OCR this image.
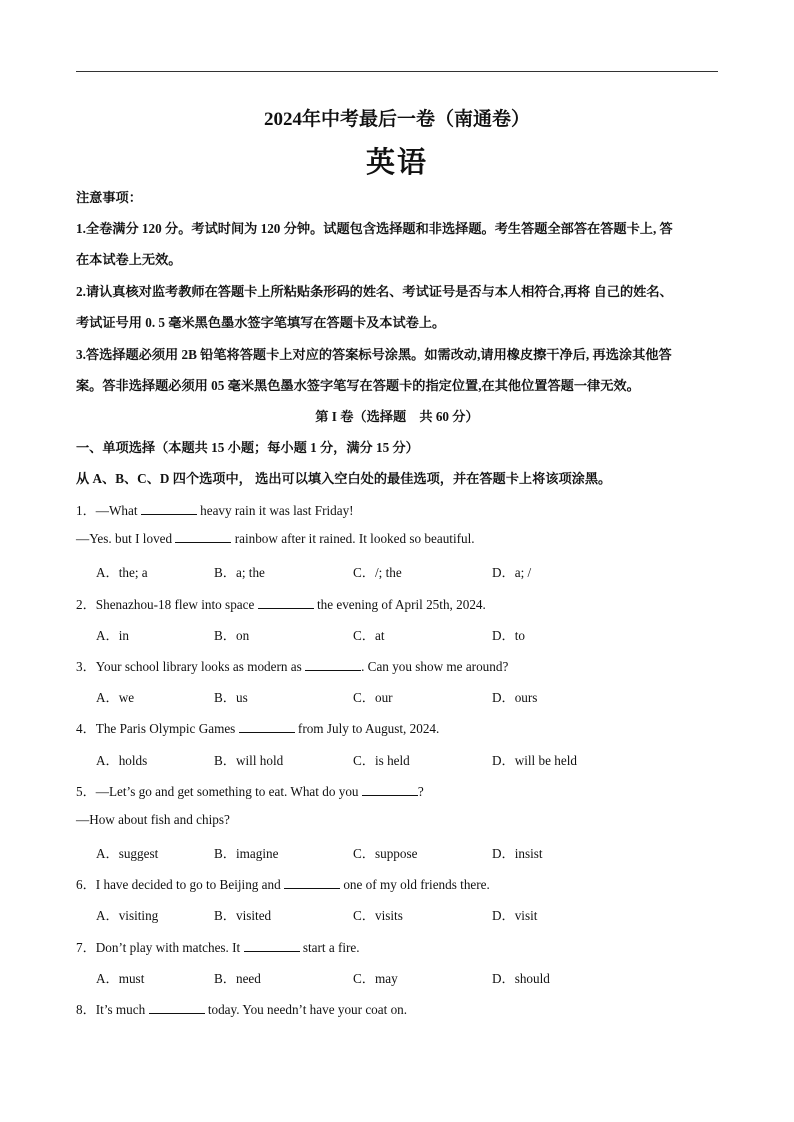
2024年中考最后一卷（南通卷）
英语
注意事项：
1.全卷满分 120 分。考试时间为 120 分钟。试题包含选择题和非选择题。考生答题全部答在答题卡上, 答
在本试卷上无效。
2.请认真核对监考教师在答题卡上所粘贴条形码的姓名、考试证号是否与本人相符合,再将 自己的姓名、
考试证号用 0. 5 毫米黑色墨水签字笔填写在答题卡及本试卷上。
3.答选择题必须用 2B 铅笔将答题卡上对应的答案标号涂黑。如需改动,请用橡皮擦干净后, 再选涂其他答
案。答非选择题必须用 05 毫米黑色墨水签字笔写在答题卡的指定位置,在其他位置答题一律无效。
第 I 卷（选择题　共 60 分）
一、单项选择（本题共 15 小题；每小题 1 分，满分 15 分）
从 A、B、C、D 四个选项中， 选出可以填入空白处的最佳选项，并在答题卡上将该项涂黑。
1．—What	heavy rain it was last Friday!
—Yes. but I loved	rainbow after it rained. It looked so beautiful.
A．the; a	B．a; the	C．/; the	D．a; /
2．Shenazhou-18 flew into space	the evening of April 25th, 2024.
A．in	B．on	C．at	D．to
3．Your school library looks as modern as	. Can you show me around?
A．we	B．us	C．our	D．ours
4．The Paris Olympic Games	from July to August, 2024.
A．holds	B．will hold	C．is held	D．will be held
5．—Let’s go and get something to eat. What do you	?
—How about fish and chips?
A．suggest	B．imagine	C．suppose	D．insist
6．I have decided to go to Beijing and	one of my old friends there.
A．visiting	B．visited	C．visits	D．visit
7．Don’t play with matches. It	start a fire.
A．must	B．need	C．may	D．should
8．It’s much	today. You needn’t have your coat on.
